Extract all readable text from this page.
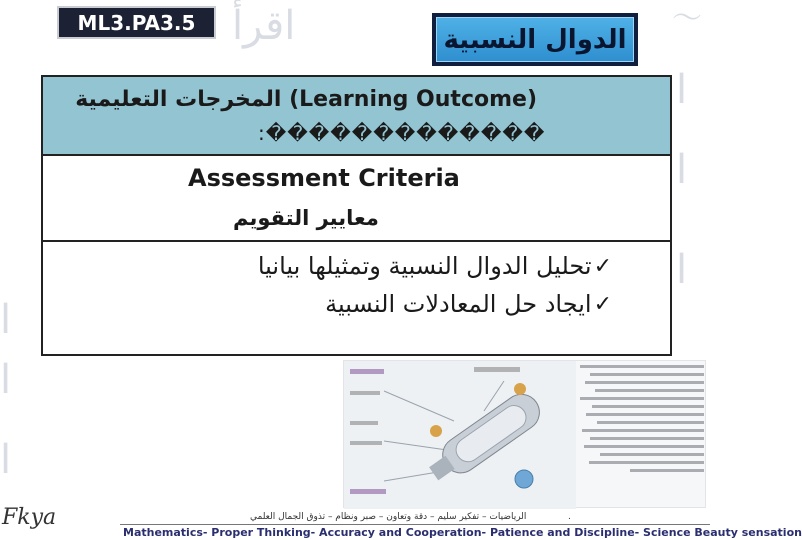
اقرأ	〜
ا
ا
ا
ا
ا
ا
ML3.PA3.5
الدوال النسبية
المخرجات التعليمية (Learning Outcome)
:�������������
Assessment Criteria
معايير التقويم
✓
تحليل الدوال النسبية وتمثيلها بيانيا
✓
ايجاد حل المعادلات النسبية
الرياضيات – تفكير سليم – دقة وتعاون – صبر ونظام – تذوق الجمال العلمي	.
Mathematics- Proper Thinking- Accuracy and Cooperation- Patience and Discipline- Science Beauty sensation
Fkya
